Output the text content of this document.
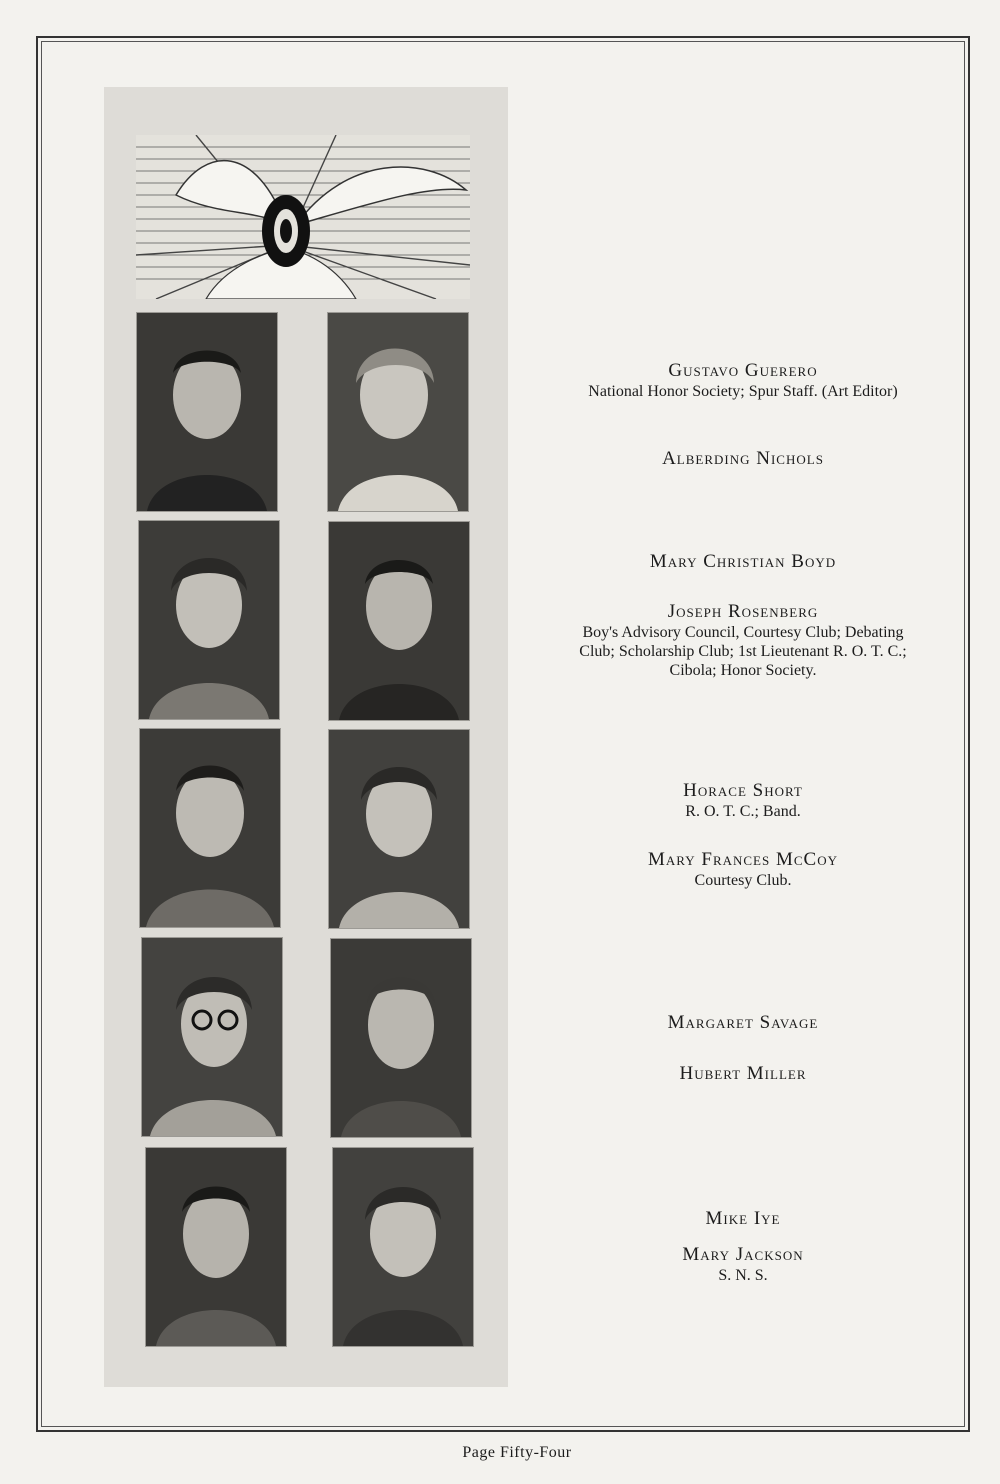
Gustavo Guerero
National Honor Society; Spur Staff. (Art Editor)
Alberding Nichols
Mary Christian Boyd
Joseph Rosenberg
Boy's Advisory Council, Courtesy Club; Debating Club; Scholarship Club; 1st Lieutenant R. O. T. C.; Cibola; Honor Society.
Horace Short
R. O. T. C.; Band.
Mary Frances McCoy
Courtesy Club.
Margaret Savage
Hubert Miller
Mike Iye
Mary Jackson
S. N. S.
Page Fifty-Four
